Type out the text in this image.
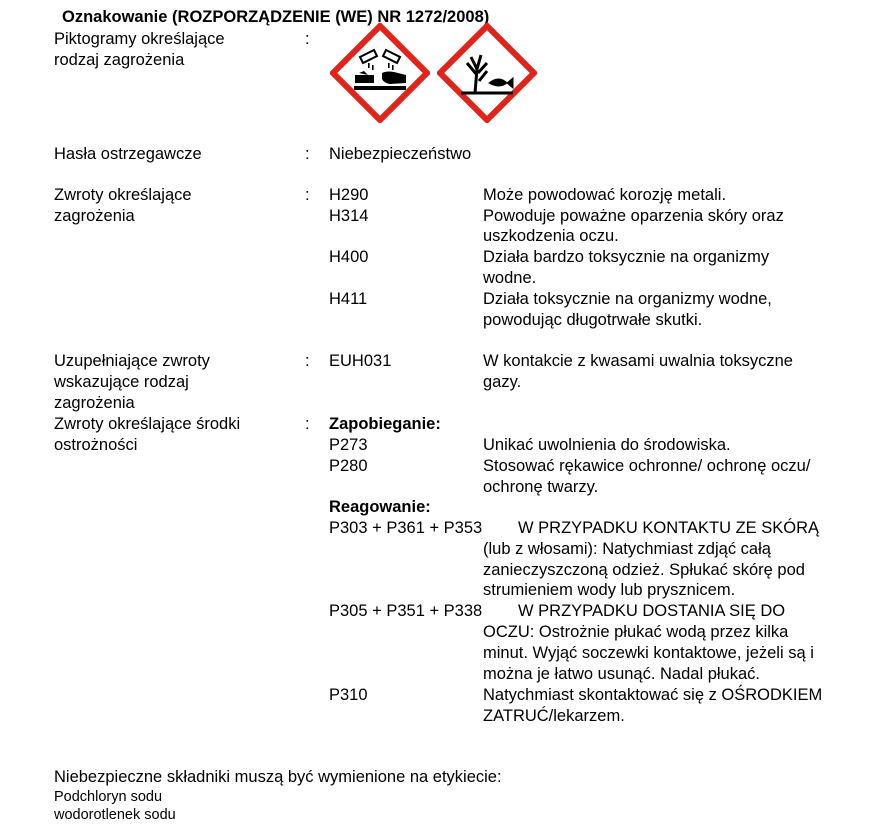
Oznakowanie (ROZPORZĄDZENIE (WE) NR 1272/2008)
Piktogramy określające
rodzaj zagrożenia
:
Hasła ostrzegawcze	: Niebezpieczeństwo
Zwroty określające
zagrożenia
: H290	Może powodować korozję metali.
H314	Powoduje poważne oparzenia skóry oraz
uszkodzenia oczu.
H400	Działa bardzo toksycznie na organizmy
wodne.
H411	Działa toksycznie na organizmy wodne,
powodując długotrwałe skutki.
Uzupełniające zwroty
wskazujące rodzaj
zagrożenia
: EUH031	W kontakcie z kwasami uwalnia toksyczne
gazy.
Zwroty określające środki
ostrożności
: Zapobieganie:
P273	Unikać uwolnienia do środowiska.
P280	Stosować rękawice ochronne/ ochronę oczu/
ochronę twarzy.
Reagowanie:
P303 + P361 + P353 W PRZYPADKU KONTAKTU ZE SKÓRĄ
(lub z włosami): Natychmiast zdjąć całą
zanieczyszczoną odzież. Spłukać skórę pod
strumieniem wody lub prysznicem.
P305 + P351 + P338 W PRZYPADKU DOSTANIA SIĘ DO
OCZU: Ostrożnie płukać wodą przez kilka
minut. Wyjąć soczewki kontaktowe, jeżeli są i
można je łatwo usunąć. Nadal płukać.
P310	Natychmiast skontaktować się z OŚRODKIEM
ZATRUĆ/lekarzem.
Niebezpieczne składniki muszą być wymienione na etykiecie:
Podchloryn sodu
wodorotlenek sodu
